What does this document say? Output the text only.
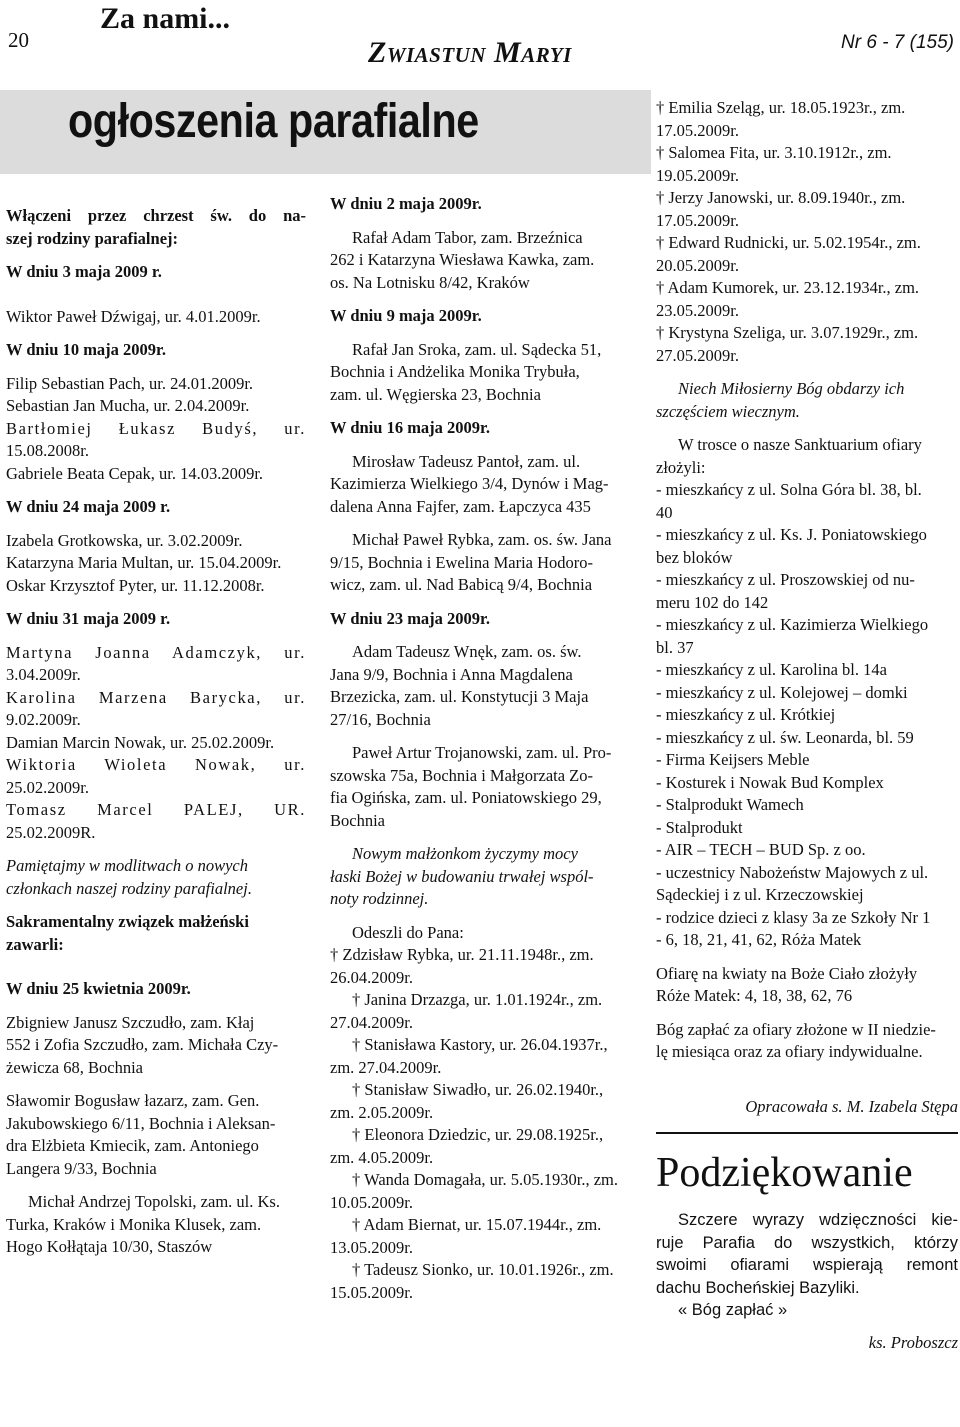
20
Za nami...
Zwiastun Maryi	Nr 6 - 7 (155)
ogłoszenia parafialne
Włączeni przez chrzest św. do na-
szej rodziny parafialnej:
W dniu 3 maja 2009 r.
Wiktor Paweł Dźwigaj, ur. 4.01.2009r.
W dniu 10 maja 2009r.
Filip Sebastian Pach, ur. 24.01.2009r.
Sebastian Jan Mucha, ur. 2.04.2009r.
Bartłomiej Łukasz Budyś, ur.
15.08.2008r.
Gabriele Beata Cepak, ur. 14.03.2009r.
W dniu 24 maja 2009 r.
Izabela Grotkowska, ur. 3.02.2009r.
Katarzyna Maria Multan, ur. 15.04.2009r.
Oskar Krzysztof Pyter, ur. 11.12.2008r.
W dniu 31 maja 2009 r.
Martyna Joanna Adamczyk, ur.
3.04.2009r.
Karolina Marzena Barycka, ur.
9.02.2009r.
Damian Marcin Nowak, ur. 25.02.2009r.
Wiktoria Wioleta Nowak, ur.
25.02.2009r.
Tomasz Marcel PALEJ, UR.
25.02.2009R.
Pamiętajmy w modlitwach o nowych
członkach naszej rodziny parafialnej.
Sakramentalny związek małżeński
zawarli:
W dniu 25 kwietnia 2009r.
Zbigniew Janusz Szczudło, zam. Kłaj
552 i Zofia Szczudło, zam. Michała Czy-
żewicza 68, Bochnia
Sławomir Bogusław łazarz, zam. Gen.
Jakubowskiego 6/11, Bochnia i Aleksan-
dra Elżbieta Kmiecik, zam. Antoniego
Langera 9/33, Bochnia
Michał Andrzej Topolski, zam. ul. Ks.
Turka, Kraków i Monika Klusek, zam.
Hogo Kołłątaja 10/30, Staszów
W dniu 2 maja 2009r.
Rafał Adam Tabor, zam. Brzeźnica
262 i Katarzyna Wiesława Kawka, zam.
os. Na Lotnisku 8/42, Kraków
W dniu 9 maja 2009r.
Rafał Jan Sroka, zam. ul. Sądecka 51,
Bochnia i Andżelika Monika Trybuła,
zam. ul. Węgierska 23, Bochnia
W dniu 16 maja 2009r.
Mirosław Tadeusz Pantoł, zam. ul.
Kazimierza Wielkiego 3/4, Dynów i Mag-
dalena Anna Fajfer, zam. Łapczyca 435
Michał Paweł Rybka, zam. os. św. Jana
9/15, Bochnia i Ewelina Maria Hodoro-
wicz, zam. ul. Nad Babicą 9/4, Bochnia
W dniu 23 maja 2009r.
Adam Tadeusz Wnęk, zam. os. św.
Jana 9/9, Bochnia i Anna Magdalena
Brzezicka, zam. ul. Konstytucji 3 Maja
27/16, Bochnia
Paweł Artur Trojanowski, zam. ul. Pro-
szowska 75a, Bochnia i Małgorzata Zo-
fia Ogińska, zam. ul. Poniatowskiego 29,
Bochnia
Nowym małżonkom życzymy mocy
łaski Bożej w budowaniu trwałej wspól-
noty rodzinnej.
Odeszli do Pana:
† Zdzisław Rybka, ur. 21.11.1948r., zm.
26.04.2009r.
† Janina Drzazga, ur. 1.01.1924r., zm.
27.04.2009r.
† Stanisława Kastory, ur. 26.04.1937r.,
zm. 27.04.2009r.
† Stanisław Siwadło, ur. 26.02.1940r.,
zm. 2.05.2009r.
† Eleonora Dziedzic, ur. 29.08.1925r.,
zm. 4.05.2009r.
† Wanda Domagała, ur. 5.05.1930r., zm.
10.05.2009r.
† Adam Biernat, ur. 15.07.1944r., zm.
13.05.2009r.
† Tadeusz Sionko, ur. 10.01.1926r., zm.
15.05.2009r.
† Emilia Szeląg, ur. 18.05.1923r., zm.
17.05.2009r.
† Salomea Fita, ur. 3.10.1912r., zm.
19.05.2009r.
† Jerzy Janowski, ur. 8.09.1940r., zm.
17.05.2009r.
† Edward Rudnicki, ur. 5.02.1954r., zm.
20.05.2009r.
† Adam Kumorek, ur. 23.12.1934r., zm.
23.05.2009r.
† Krystyna Szeliga, ur. 3.07.1929r., zm.
27.05.2009r.
Niech Miłosierny Bóg obdarzy ich
szczęściem wiecznym.
W trosce o nasze Sanktuarium ofiary
złożyli:
- mieszkańcy z ul. Solna Góra bl. 38, bl.
40
- mieszkańcy z ul. Ks. J. Poniatowskiego
bez bloków
- mieszkańcy z ul. Proszowskiej od nu-
meru 102 do 142
- mieszkańcy z ul. Kazimierza Wielkiego
bl. 37
- mieszkańcy z ul. Karolina bl. 14a
- mieszkańcy z ul. Kolejowej – domki
- mieszkańcy z ul. Krótkiej
- mieszkańcy z ul. św. Leonarda, bl. 59
- Firma Keijsers Meble
- Kosturek i Nowak Bud Komplex
- Stalprodukt Wamech
- Stalprodukt
- AIR – TECH – BUD Sp. z oo.
- uczestnicy Nabożeństw Majowych z ul.
Sądeckiej i z ul. Krzeczowskiej
- rodzice dzieci z klasy 3a ze Szkoły Nr 1
- 6, 18, 21, 41, 62, Róża Matek
Ofiarę na kwiaty na Boże Ciało złożyły
Róże Matek: 4, 18, 38, 62, 76
Bóg zapłać za ofiary złożone w II niedzie-
lę miesiąca oraz za ofiary indywidualne.
Opracowała s. M. Izabela Stępa
Podziękowanie
Szczere wyrazy wdzięczności kie-
ruje Parafia do wszystkich, którzy
swoimi ofiarami wspierają remont
dachu Bocheńskiej Bazyliki.
« Bóg zapłać »
ks. Proboszcz
